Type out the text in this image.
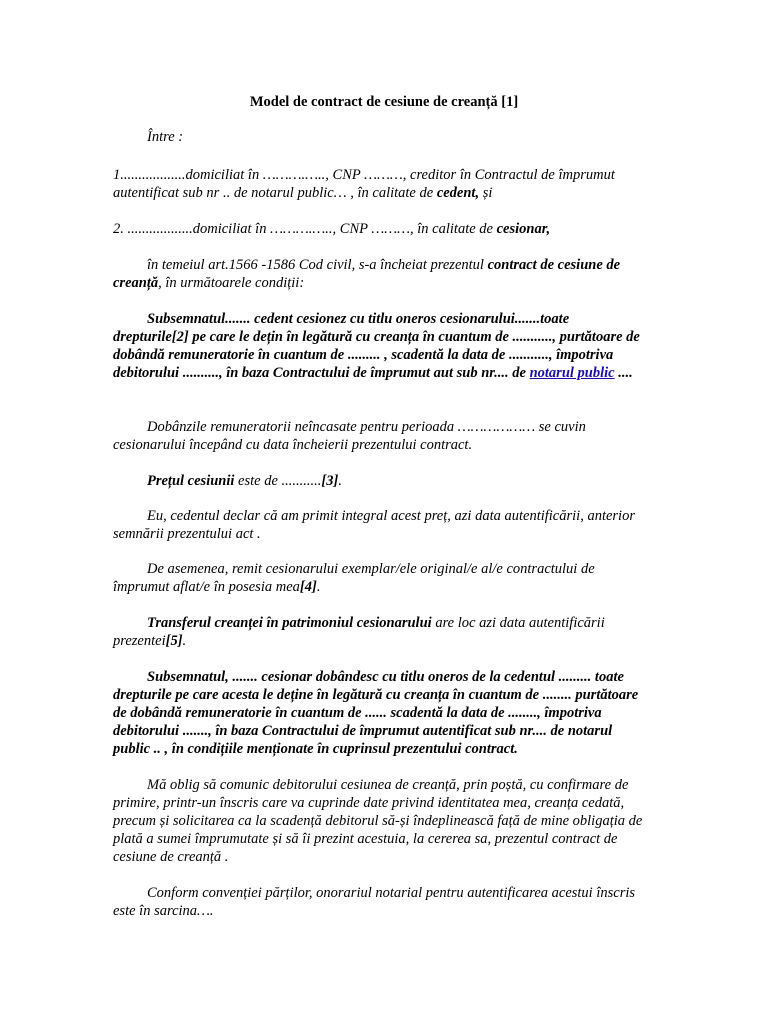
Model de contract de cesiune de creanță [1]
Între :
1..................domiciliat în ……….….., CNP ………, creditor în Contractul de împrumut autentificat sub nr .. de notarul public… , în calitate de cedent, și
2. ..................domiciliat în ……….….., CNP ………, în calitate de cesionar,
în temeiul art.1566 -1586 Cod civil, s-a încheiat prezentul contract de cesiune de creanță, în următoarele condiții:
Subsemnatul....... cedent cesionez cu titlu oneros cesionarului.......toate drepturile[2] pe care le dețin în legătură cu creanța în cuantum de ..........., purtătoare de dobândă remuneratorie în cuantum de ......... , scadentă la data de ..........., împotriva debitorului .........., în baza Contractului de împrumut aut sub nr.... de notarul public ....
Dobânzile remuneratorii neîncasate pentru perioada ……………… se cuvin cesionarului începând cu data încheierii prezentului contract.
Prețul cesiunii este de ...........[3].
Eu, cedentul declar că am primit integral acest preț, azi data autentificării, anterior semnării prezentului act .
De asemenea, remit cesionarului exemplar/ele original/e al/e contractului de împrumut aflat/e în posesia mea[4].
Transferul creanței în patrimoniul cesionarului are loc azi data autentificării prezentei[5].
Subsemnatul, ....... cesionar dobândesc cu titlu oneros de la cedentul ......... toate drepturile pe care acesta le deține în legătură cu creanța în cuantum de ........ purtătoare de dobândă remuneratorie în cuantum de ...... scadentă la data de ........, împotriva debitorului ......., în baza Contractului de împrumut autentificat sub nr.... de notarul public .. , în condițiile menționate în cuprinsul prezentului contract.
Mă oblig să comunic debitorului cesiunea de creanță, prin poștă, cu confirmare de primire, printr-un înscris care va cuprinde date privind identitatea mea, creanța cedată, precum și solicitarea ca la scadență debitorul să-și îndeplinească față de mine obligația de plată a sumei împrumutate și să îi prezint acestuia, la cererea sa, prezentul contract de cesiune de creanță .
Conform convenției părților, onorariul notarial pentru autentificarea acestui înscris este în sarcina….
